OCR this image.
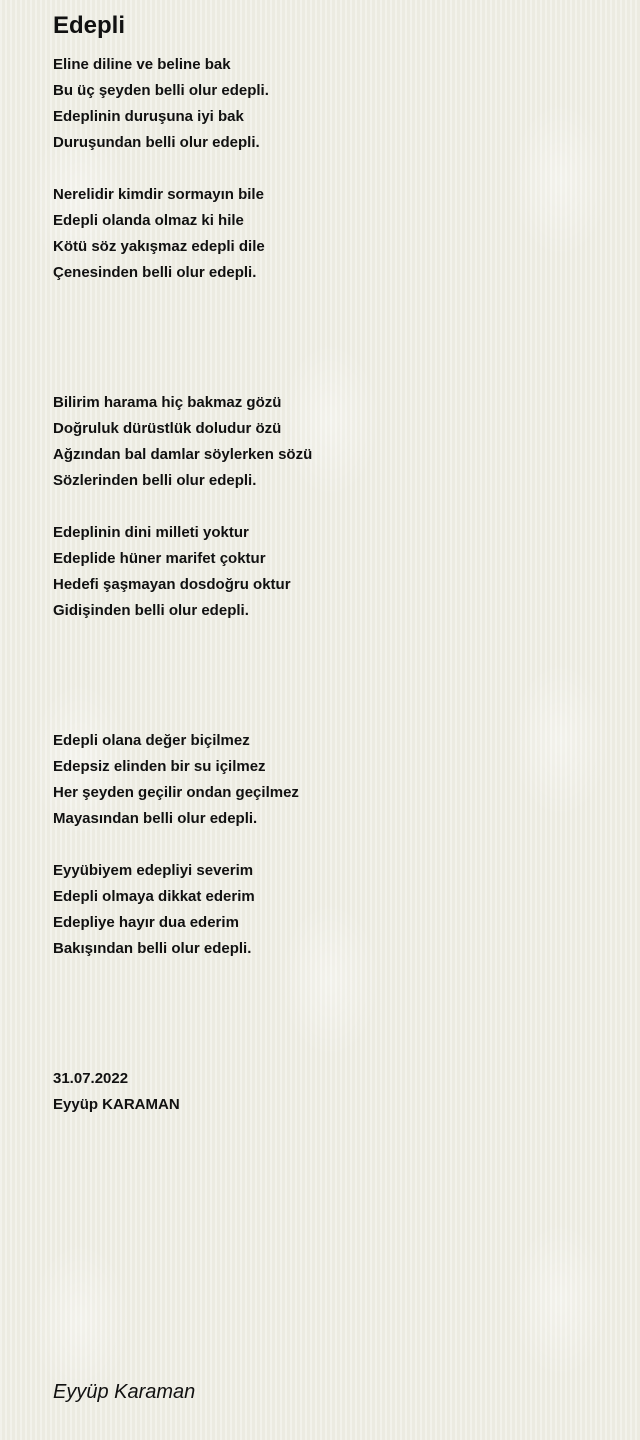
Edepli
Eline diline ve beline bak
Bu üç şeyden belli olur edepli.
Edeplinin duruşuna iyi bak
Duruşundan belli olur edepli.
Nerelidir kimdir sormayın bile
Edepli olanda olmaz ki hile
Kötü söz yakışmaz edepli dile
Çenesinden belli olur edepli.
Bilirim harama hiç bakmaz gözü
Doğruluk dürüstlük doludur özü
Ağzından bal damlar söylerken sözü
Sözlerinden belli olur edepli.
Edeplinin dini milleti yoktur
Edeplide hüner marifet çoktur
Hedefi şaşmayan dosdoğru oktur
Gidişinden belli olur edepli.
Edepli olana değer biçilmez
Edepsiz elinden bir su içilmez
Her şeyden geçilir ondan geçilmez
Mayasından belli olur edepli.
Eyyübiyem edepliyi severim
Edepli olmaya dikkat ederim
Edepliye hayır dua ederim
Bakışından belli olur edepli.
31.07.2022
Eyyüp KARAMAN
Eyyüp Karaman
